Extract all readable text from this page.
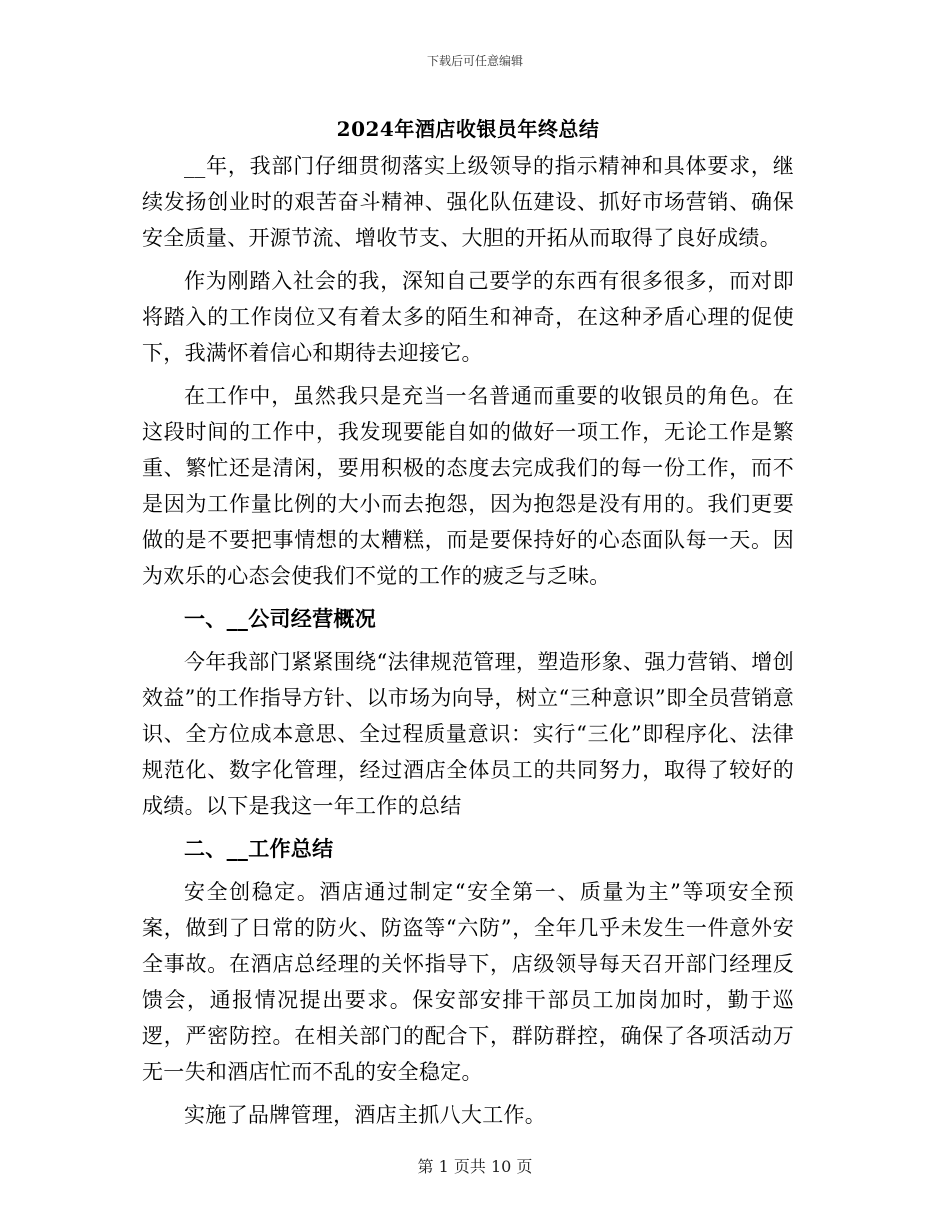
下载后可任意编辑
2024年酒店收银员年终总结

__年，我部门仔细贯彻落实上级领导的指示精神和具体要求，继续发扬创业时的艰苦奋斗精神、强化队伍建设、抓好市场营销、确保安全质量、开源节流、增收节支、大胆的开拓从而取得了良好成绩。

作为刚踏入社会的我，深知自己要学的东西有很多很多，而对即将踏入的工作岗位又有着太多的陌生和神奇，在这种矛盾心理的促使下，我满怀着信心和期待去迎接它。

在工作中，虽然我只是充当一名普通而重要的收银员的角色。在这段时间的工作中，我发现要能自如的做好一项工作，无论工作是繁重、繁忙还是清闲，要用积极的态度去完成我们的每一份工作，而不是因为工作量比例的大小而去抱怨，因为抱怨是没有用的。我们更要做的是不要把事情想的太糟糕，而是要保持好的心态面队每一天。因为欢乐的心态会使我们不觉的工作的疲乏与乏味。

一、__公司经营概况

今年我部门紧紧围绕“法律规范管理，塑造形象、强力营销、增创效益”的工作指导方针、以市场为向导，树立“三种意识”即全员营销意识、全方位成本意思、全过程质量意识：实行“三化”即程序化、法律规范化、数字化管理，经过酒店全体员工的共同努力，取得了较好的成绩。以下是我这一年工作的总结

二、__工作总结

安全创稳定。酒店通过制定“安全第一、质量为主”等项安全预案，做到了日常的防火、防盗等“六防”，全年几乎未发生一件意外安全事故。在酒店总经理的关怀指导下，店级领导每天召开部门经理反馈会，通报情况提出要求。保安部安排干部员工加岗加时，勤于巡逻，严密防控。在相关部门的配合下，群防群控，确保了各项活动万无一失和酒店忙而不乱的安全稳定。

实施了品牌管理，酒店主抓八大工作。

第 1 页共 10 页
